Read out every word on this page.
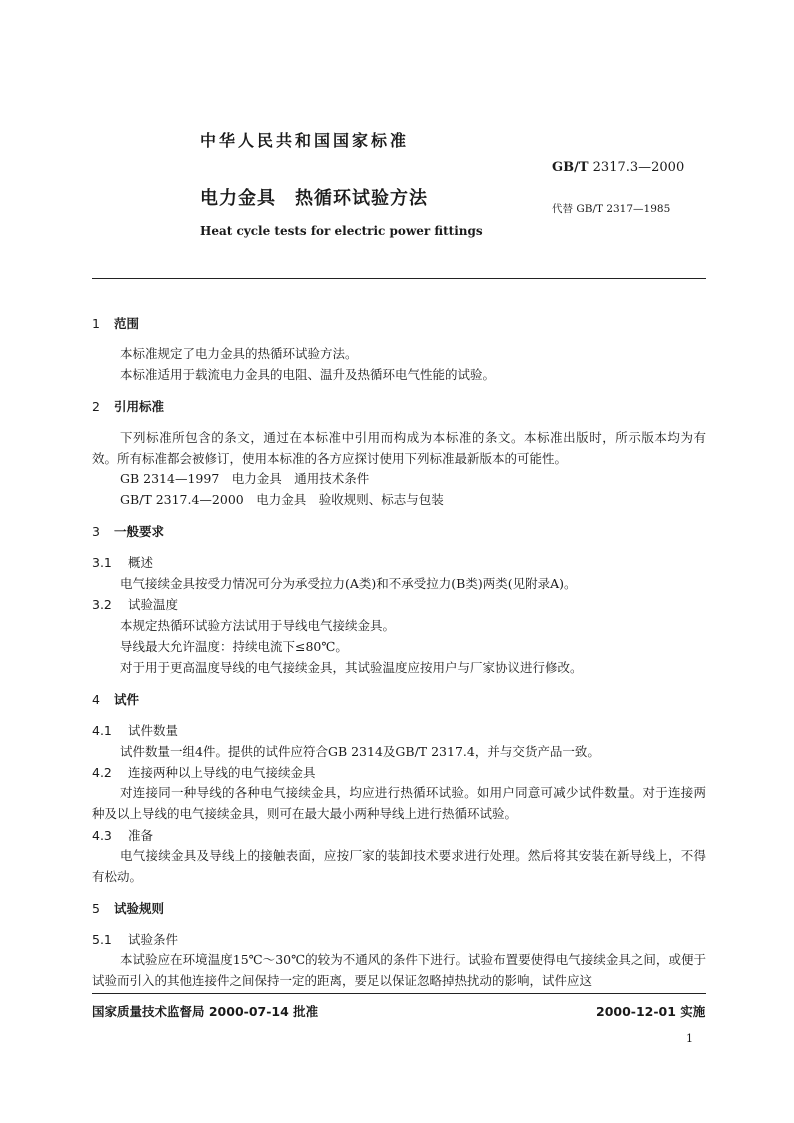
中华人民共和国国家标准
GB/T 2317.3—2000
电力金具　热循环试验方法	代替 GB/T 2317—1985
Heat cycle tests for electric power fittings
1 范围
本标准规定了电力金具的热循环试验方法。
本标准适用于载流电力金具的电阻、温升及热循环电气性能的试验。
2 引用标准
下列标准所包含的条文，通过在本标准中引用而构成为本标准的条文。本标准出版时，所示版本均为有效。所有标准都会被修订，使用本标准的各方应探讨使用下列标准最新版本的可能性。
GB 2314—1997　电力金具　通用技术条件
GB/T 2317.4—2000　电力金具　验收规则、标志与包装
3 一般要求
3.1 概述
电气接续金具按受力情况可分为承受拉力(A类)和不承受拉力(B类)两类(见附录A)。
3.2 试验温度
本规定热循环试验方法试用于导线电气接续金具。
导线最大允许温度：持续电流下≤80℃。
对于用于更高温度导线的电气接续金具，其试验温度应按用户与厂家协议进行修改。
4 试件
4.1 试件数量
试件数量一组4件。提供的试件应符合GB 2314及GB/T 2317.4，并与交货产品一致。
4.2 连接两种以上导线的电气接续金具
对连接同一种导线的各种电气接续金具，均应进行热循环试验。如用户同意可减少试件数量。对于连接两种及以上导线的电气接续金具，则可在最大最小两种导线上进行热循环试验。
4.3 准备
电气接续金具及导线上的接触表面，应按厂家的装卸技术要求进行处理。然后将其安装在新导线上，不得有松动。
5 试验规则
5.1 试验条件
本试验应在环境温度15℃～30℃的较为不通风的条件下进行。试验布置要使得电气接续金具之间，或便于试验而引入的其他连接件之间保持一定的距离，要足以保证忽略掉热扰动的影响，试件应这
国家质量技术监督局 2000-07-14 批准	2000-12-01 实施
1
